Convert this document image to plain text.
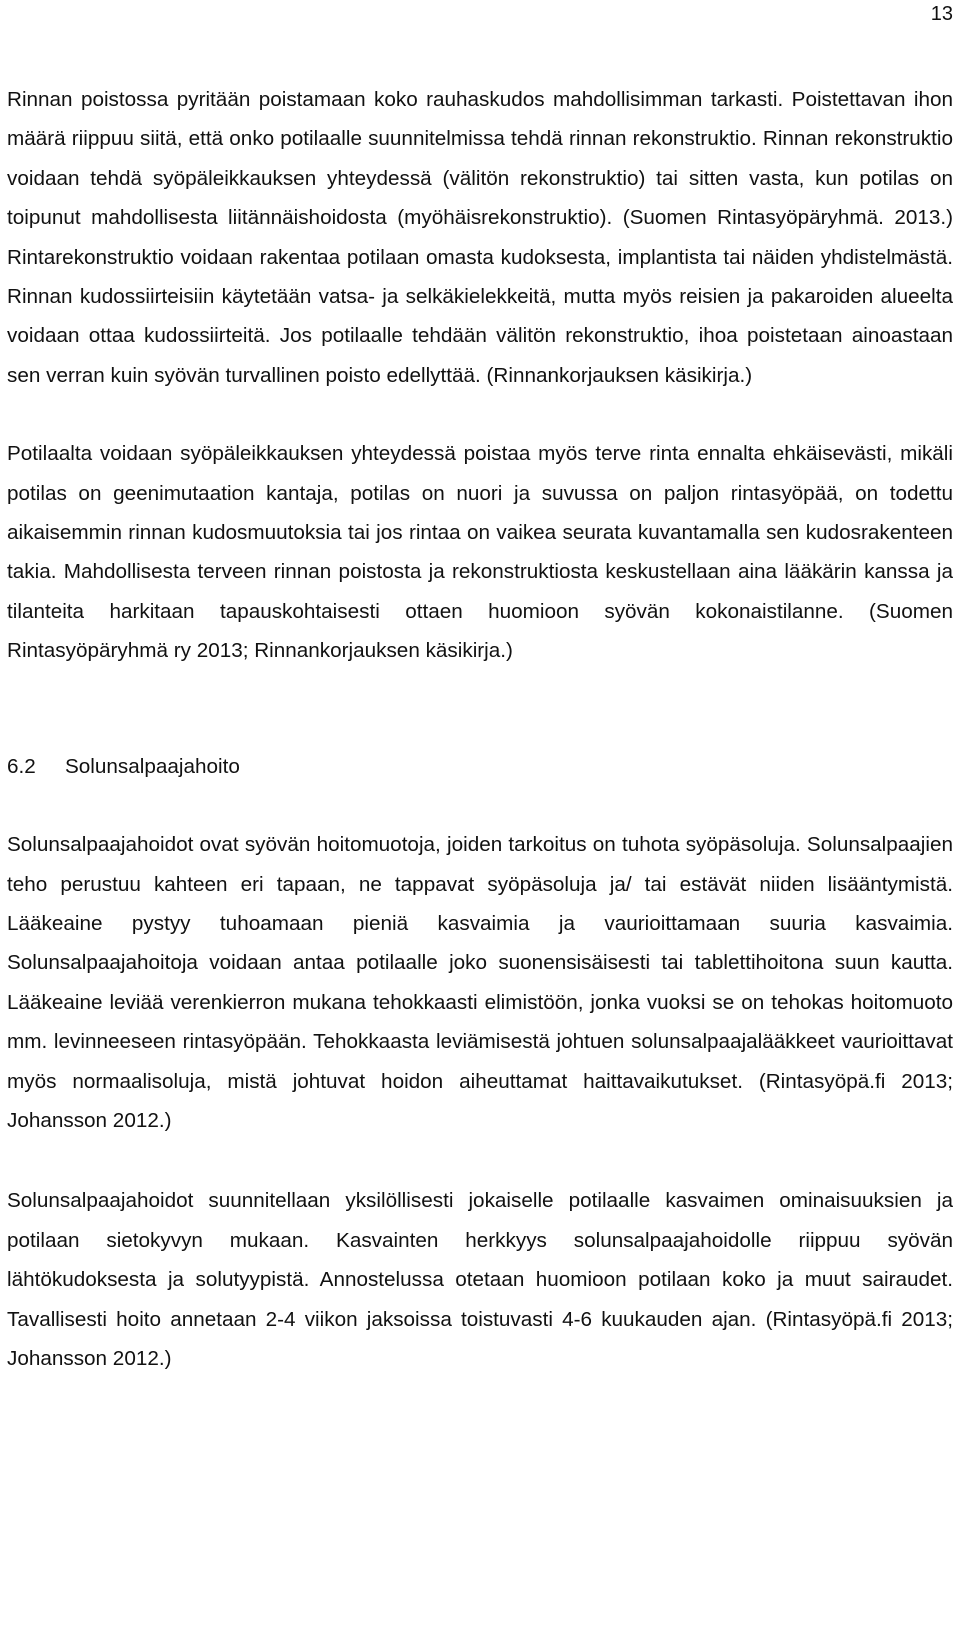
13

Rinnan poistossa pyritään poistamaan koko rauhaskudos mahdollisimman tarkasti. Poistettavan ihon määrä riippuu siitä, että onko potilaalle suunnitelmissa tehdä rinnan rekonstruktio. Rinnan rekonstruktio voidaan tehdä syöpäleikkauksen yhteydessä (välitön rekonstruktio) tai sitten vasta, kun potilas on toipunut mahdollisesta liitännäishoidosta (myöhäisrekonstruktio). (Suomen Rintasyöpäryhmä. 2013.) Rintarekonstruktio voidaan rakentaa potilaan omasta kudoksesta, implantista tai näiden yhdistelmästä. Rinnan kudossiirteisiin käytetään vatsa- ja selkäkielekkeitä, mutta myös reisien ja pakaroiden alueelta voidaan ottaa kudossiirteitä. Jos potilaalle tehdään välitön rekonstruktio, ihoa poistetaan ainoastaan sen verran kuin syövän turvallinen poisto edellyttää. (Rinnankorjauksen käsikirja.)

Potilaalta voidaan syöpäleikkauksen yhteydessä poistaa myös terve rinta ennalta ehkäisevästi, mikäli potilas on geenimutaation kantaja, potilas on nuori ja suvussa on paljon rintasyöpää, on todettu aikaisemmin rinnan kudosmuutoksia tai jos rintaa on vaikea seurata kuvantamalla sen kudosrakenteen takia. Mahdollisesta terveen rinnan poistosta ja rekonstruktiosta keskustellaan aina lääkärin kanssa ja tilanteita harkitaan tapauskohtaisesti ottaen huomioon syövän kokonaistilanne. (Suomen Rintasyöpäryhmä ry 2013; Rinnankorjauksen käsikirja.)

6.2 Solunsalpaajahoito

Solunsalpaajahoidot ovat syövän hoitomuotoja, joiden tarkoitus on tuhota syöpäsoluja. Solunsalpaajien teho perustuu kahteen eri tapaan, ne tappavat syöpäsoluja ja/ tai estävät niiden lisääntymistä. Lääkeaine pystyy tuhoamaan pieniä kasvaimia ja vaurioittamaan suuria kasvaimia. Solunsalpaajahoitoja voidaan antaa potilaalle joko suonensisäisesti tai tablettihoitona suun kautta. Lääkeaine leviää verenkierron mukana tehokkaasti elimistöön, jonka vuoksi se on tehokas hoitomuoto mm. levinneeseen rintasyöpään. Tehokkaasta leviämisestä johtuen solunsalpaajalääkkeet vaurioittavat myös normaalisoluja, mistä johtuvat hoidon aiheuttamat haittavaikutukset. (Rintasyöpä.fi 2013; Johansson 2012.)

Solunsalpaajahoidot suunnitellaan yksilöllisesti jokaiselle potilaalle kasvaimen ominaisuuksien ja potilaan sietokyvyn mukaan. Kasvainten herkkyys solunsalpaajahoidolle riippuu syövän lähtökudoksesta ja solutyypistä. Annostelussa otetaan huomioon potilaan koko ja muut sairaudet. Tavallisesti hoito annetaan 2-4 viikon jaksoissa toistuvasti 4-6 kuukauden ajan. (Rintasyöpä.fi 2013; Johansson 2012.)
